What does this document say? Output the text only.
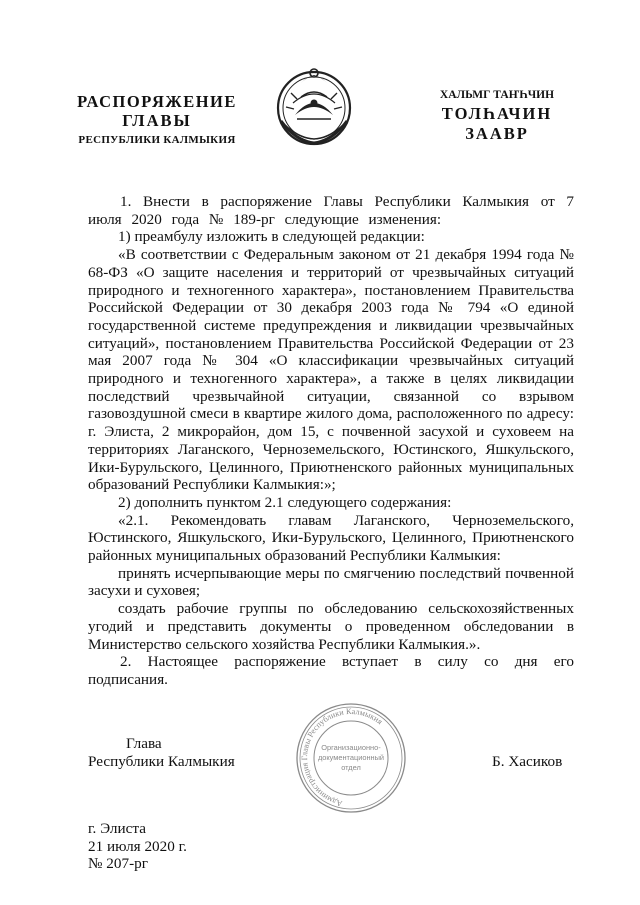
РАСПОРЯЖЕНИЕ
ГЛАВЫ
РЕСПУБЛИКИ КАЛМЫКИЯ
ХАЛЬМГ ТАҤҺЧИН
ТОЛҺАЧИН
ЗААВР

1. Внести в распоряжение Главы Республики Калмыкия от 7 июля 2020 года № 189-рг следующие изменения:

1) преамбулу изложить в следующей редакции:

«В соответствии с Федеральным законом от 21 декабря 1994 года № 68-ФЗ «О защите населения и территорий от чрезвычайных ситуаций природного и техногенного характера», постановлением Правительства Российской Федерации от 30 декабря 2003 года № 794 «О единой государственной системе предупреждения и ликвидации чрезвычайных ситуаций», постановлением Правительства Российской Федерации от 23 мая 2007 года № 304 «О классификации чрезвычайных ситуаций природного и техногенного характера», а также в целях ликвидации последствий чрезвычайной ситуации, связанной со взрывом газовоздушной смеси в квартире жилого дома, расположенного по адресу: г. Элиста, 2 микрорайон, дом 15, с почвенной засухой и суховеем на территориях Лаганского, Черноземельского, Юстинского, Яшкульского, Ики-Бурульского, Целинного, Приютненского районных муниципальных образований Республики Калмыкия:»;

2) дополнить пунктом 2.1 следующего содержания:

«2.1. Рекомендовать главам Лаганского, Черноземельского, Юстинского, Яшкульского, Ики-Бурульского, Целинного, Приютненского районных муниципальных образований Республики Калмыкия:

принять исчерпывающие меры по смягчению последствий почвенной засухи и суховея;

создать рабочие группы по обследованию сельскохозяйственных угодий и представить документы о проведенном обследовании в Министерство сельского хозяйства Республики Калмыкия.».

2. Настоящее распоряжение вступает в силу со дня его подписания.

Глава
Республики Калмыкия
Администрация Главы Республики Калмыкия
Организационно-
документационный
отдел	Б. Хасиков
г. Элиста
21 июля 2020 г.
№ 207-рг
